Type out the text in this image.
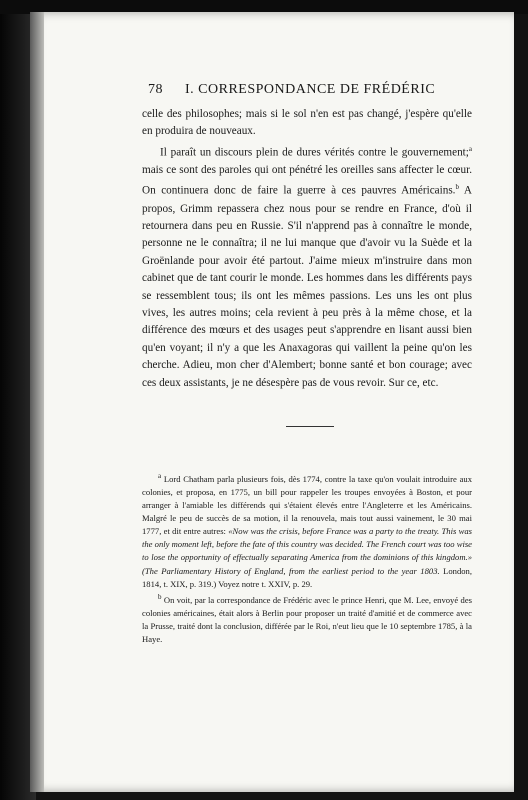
78 I. CORRESPONDANCE DE FRÉDÉRIC

celle des philosophes; mais si le sol n'en est pas changé, j'espère qu'elle en produira de nouveaux.

Il paraît un discours plein de dures vérités contre le gouvernement;$^a$ mais ce sont des paroles qui ont pénétré les oreilles sans affecter le cœur. On continuera donc de faire la guerre à ces pauvres Américains.$^b$ A propos, Grimm repassera chez nous pour se rendre en France, d'où il retournera dans peu en Russie. S'il n'apprend pas à connaître le monde, personne ne le connaîtra; il ne lui manque que d'avoir vu la Suède et la Groënlande pour avoir été partout. J'aime mieux m'instruire dans mon cabinet que de tant courir le monde. Les hommes dans les différents pays se ressemblent tous; ils ont les mêmes passions. Les uns les ont plus vives, les autres moins; cela revient à peu près à la même chose, et la différence des mœurs et des usages peut s'apprendre en lisant aussi bien qu'en voyant; il n'y a que les Anaxagoras qui vaillent la peine qu'on les cherche. Adieu, mon cher d'Alembert; bonne santé et bon courage; avec ces deux assistants, je ne désespère pas de vous revoir. Sur ce, etc.

$^a$ Lord Chatham parla plusieurs fois, dès 1774, contre la taxe qu'on voulait introduire aux colonies, et proposa, en 1775, un bill pour rappeler les troupes envoyées à Boston, et pour arranger à l'amiable les différends qui s'étaient élevés entre l'Angleterre et les Américains. Malgré le peu de succès de sa motion, il la renouvela, mais tout aussi vainement, le 30 mai 1777, et dit entre autres: «Now was the crisis, before France was a party to the treaty. This was the only moment left, before the fate of this country was decided. The French court was too wise to lose the opportunity of effectually separating America from the dominions of this kingdom.» (The Parliamentary History of England, from the earliest period to the year 1803. London, 1814, t. XIX, p. 319.) Voyez notre t. XXIV, p. 29.

$^b$ On voit, par la correspondance de Frédéric avec le prince Henri, que M. Lee, envoyé des colonies américaines, était alors à Berlin pour proposer un traité d'amitié et de commerce avec la Prusse, traité dont la conclusion, différée par le Roi, n'eut lieu que le 10 septembre 1785, à la Haye.
